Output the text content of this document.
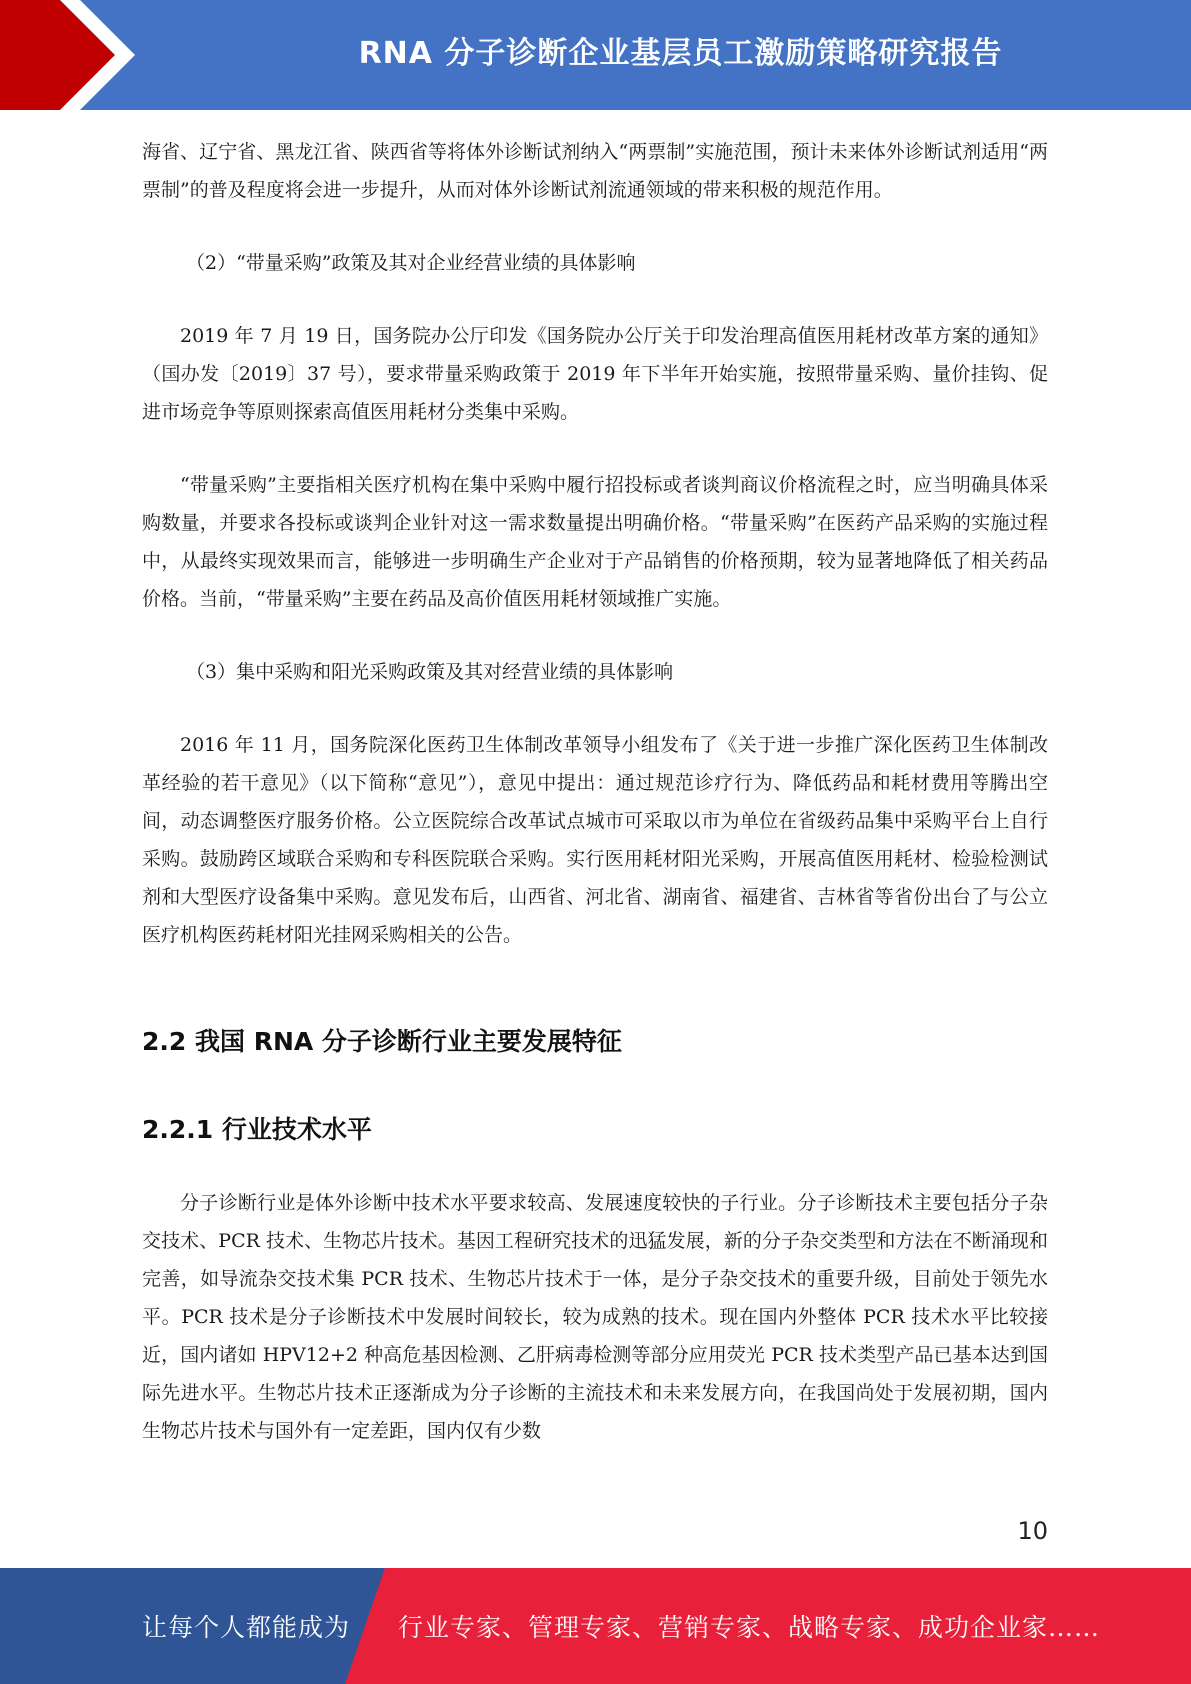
RNA 分子诊断企业基层员工激励策略研究报告

海省、辽宁省、黑龙江省、陕西省等将体外诊断试剂纳入“两票制”实施范围，预计未来体外诊断试剂适用“两票制”的普及程度将会进一步提升，从而对体外诊断试剂流通领域的带来积极的规范作用。

（2）“带量采购”政策及其对企业经营业绩的具体影响

2019 年 7 月 19 日，国务院办公厅印发《国务院办公厅关于印发治理高值医用耗材改革方案的通知》（国办发〔2019〕37 号），要求带量采购政策于 2019 年下半年开始实施，按照带量采购、量价挂钩、促进市场竞争等原则探索高值医用耗材分类集中采购。

“带量采购”主要指相关医疗机构在集中采购中履行招投标或者谈判商议价格流程之时，应当明确具体采购数量，并要求各投标或谈判企业针对这一需求数量提出明确价格。“带量采购”在医药产品采购的实施过程中，从最终实现效果而言，能够进一步明确生产企业对于产品销售的价格预期，较为显著地降低了相关药品价格。当前，“带量采购”主要在药品及高价值医用耗材领域推广实施。

（3）集中采购和阳光采购政策及其对经营业绩的具体影响

2016 年 11 月，国务院深化医药卫生体制改革领导小组发布了《关于进一步推广深化医药卫生体制改革经验的若干意见》（以下简称“意见”），意见中提出：通过规范诊疗行为、降低药品和耗材费用等腾出空间，动态调整医疗服务价格。公立医院综合改革试点城市可采取以市为单位在省级药品集中采购平台上自行采购。鼓励跨区域联合采购和专科医院联合采购。实行医用耗材阳光采购，开展高值医用耗材、检验检测试剂和大型医疗设备集中采购。意见发布后，山西省、河北省、湖南省、福建省、吉林省等省份出台了与公立医疗机构医药耗材阳光挂网采购相关的公告。

2.2 我国 RNA 分子诊断行业主要发展特征
2.2.1 行业技术水平

分子诊断行业是体外诊断中技术水平要求较高、发展速度较快的子行业。分子诊断技术主要包括分子杂交技术、PCR 技术、生物芯片技术。基因工程研究技术的迅猛发展，新的分子杂交类型和方法在不断涌现和完善，如导流杂交技术集 PCR 技术、生物芯片技术于一体，是分子杂交技术的重要升级，目前处于领先水平。PCR 技术是分子诊断技术中发展时间较长，较为成熟的技术。现在国内外整体 PCR 技术水平比较接近，国内诸如 HPV12+2 种高危基因检测、乙肝病毒检测等部分应用荧光 PCR 技术类型产品已基本达到国际先进水平。生物芯片技术正逐渐成为分子诊断的主流技术和未来发展方向，在我国尚处于发展初期，国内生物芯片技术与国外有一定差距，国内仅有少数

10
让每个人都能成为 行业专家、管理专家、营销专家、战略专家、成功企业家……
